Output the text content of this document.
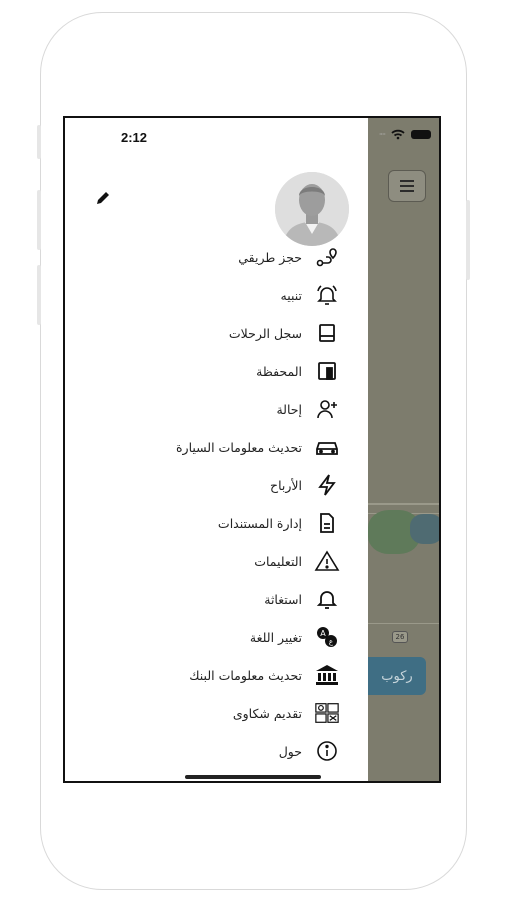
26
ركوب
2:12
حجز طريقي
تنبيه
سجل الرحلات
المحفظة
إحالة
تحديث معلومات السيارة
الأرباح
إدارة المستندات
التعليمات
استغاثة
تغيير اللغة A
ع
تحديث معلومات البنك
تقديم شكاوى
حول
····
